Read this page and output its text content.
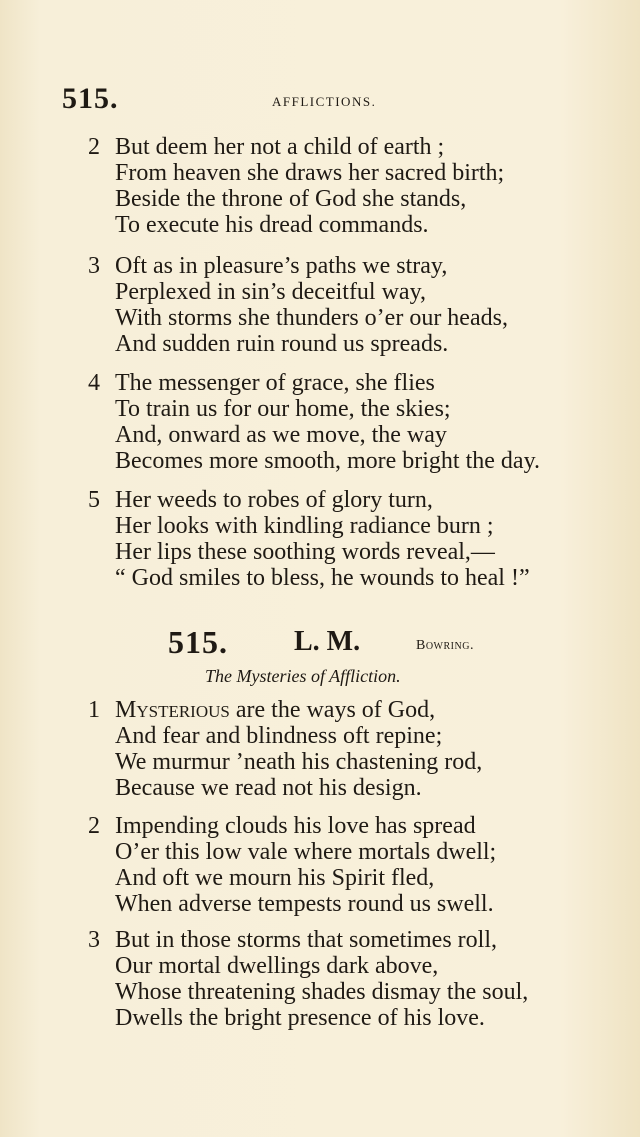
515.	AFFLICTIONS.
2 But deem her not a child of earth ;
From heaven she draws her sacred birth;
Beside the throne of God she stands,
To execute his dread commands.
3 Oft as in pleasure’s paths we stray,
Perplexed in sin’s deceitful way,
With storms she thunders o’er our heads,
And sudden ruin round us spreads.
4 The messenger of grace, she flies
To train us for our home, the skies;
And, onward as we move, the way
Becomes more smooth, more bright the day.
5 Her weeds to robes of glory turn,
Her looks with kindling radiance burn ;
Her lips these soothing words reveal,—
“ God smiles to bless, he wounds to heal !”
515. L. M.	Bowring.
The Mysteries of Affliction.
1 Mysterious are the ways of God,
And fear and blindness oft repine;
We murmur ’neath his chastening rod,
Because we read not his design.
2 Impending clouds his love has spread
O’er this low vale where mortals dwell;
And oft we mourn his Spirit fled,
When adverse tempests round us swell.
3 But in those storms that sometimes roll,
Our mortal dwellings dark above,
Whose threatening shades dismay the soul,
Dwells the bright presence of his love.
